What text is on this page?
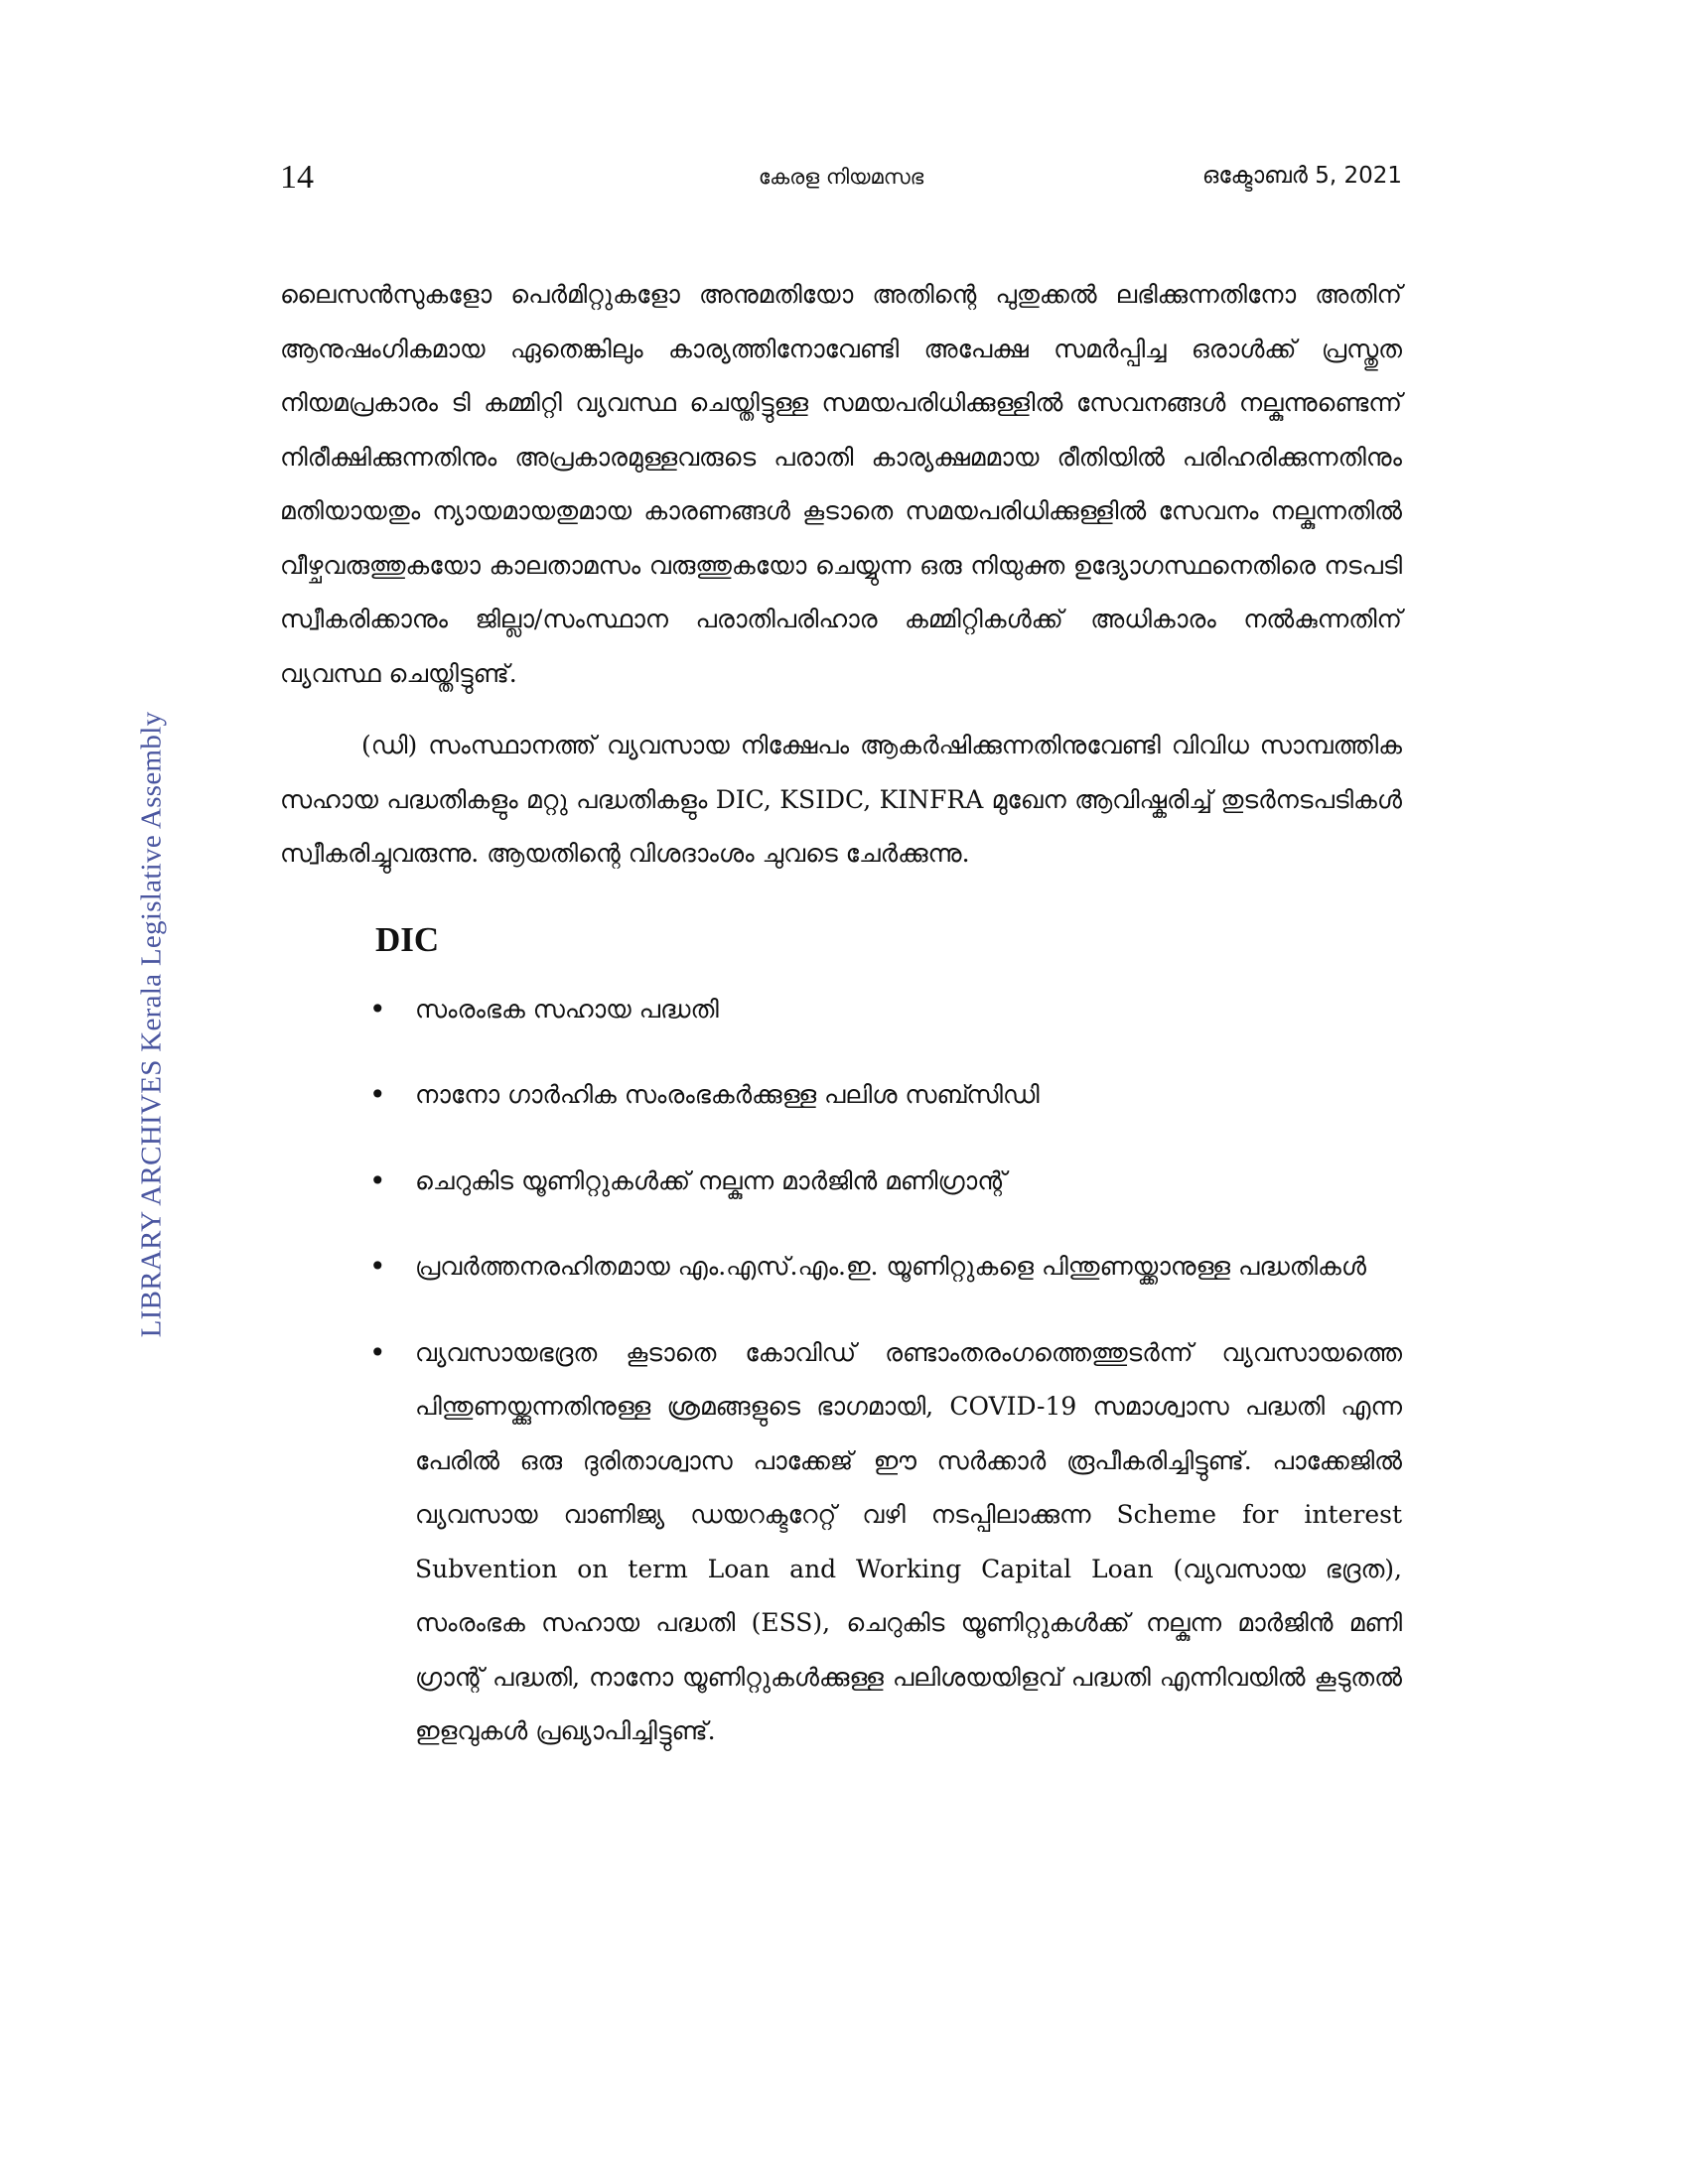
LIBRARY ARCHIVES Kerala Legislative Assembly
14	കേരള നിയമസഭ	ഒക്ടോബർ 5, 2021

ലൈസൻസുകളോ പെർമിറ്റുകളോ അനുമതിയോ അതിന്റെ പുതുക്കൽ ലഭിക്കുന്നതിനോ അതിന് ആനുഷംഗികമായ ഏതെങ്കിലും കാര്യത്തിനോവേണ്ടി അപേക്ഷ സമർപ്പിച്ച ഒരാൾക്ക് പ്രസ്തുത നിയമപ്രകാരം ടി കമ്മിറ്റി വ്യവസ്ഥ ചെയ്തിട്ടുള്ള സമയപരിധിക്കുള്ളിൽ സേവനങ്ങൾ നല്കുന്നുണ്ടെന്ന് നിരീക്ഷിക്കുന്നതിനും അപ്രകാരമുള്ളവരുടെ പരാതി കാര്യക്ഷമമായ രീതിയിൽ പരിഹരിക്കുന്നതിനും മതിയായതും ന്യായമായതുമായ കാരണങ്ങൾ കൂടാതെ സമയപരിധിക്കുള്ളിൽ സേവനം നല്കുന്നതിൽ വീഴ്ചവരുത്തുകയോ കാലതാമസം വരുത്തുകയോ ചെയ്യുന്ന ഒരു നിയുക്ത ഉദ്യോഗസ്ഥനെതിരെ നടപടി സ്വീകരിക്കാനും ജില്ലാ/സംസ്ഥാന പരാതിപരിഹാര കമ്മിറ്റികൾക്ക് അധികാരം നൽകുന്നതിന് വ്യവസ്ഥ ചെയ്തിട്ടുണ്ട്.

(ഡി) സംസ്ഥാനത്ത് വ്യവസായ നിക്ഷേപം ആകർഷിക്കുന്നതിനുവേണ്ടി വിവിധ സാമ്പത്തിക സഹായ പദ്ധതികളും മറ്റു പദ്ധതികളും DIC, KSIDC, KINFRA മുഖേന ആവിഷ്കരിച്ച് തുടർനടപടികൾ സ്വീകരിച്ചുവരുന്നു. ആയതിന്റെ വിശദാംശം ചുവടെ ചേർക്കുന്നു.

DIC
• സംരംഭക സഹായ പദ്ധതി
• നാനോ ഗാർഹിക സംരംഭകർക്കുള്ള പലിശ സബ്സിഡി
• ചെറുകിട യൂണിറ്റുകൾക്ക് നല്കുന്ന മാർജിൻ മണിഗ്രാന്റ്
• പ്രവർത്തനരഹിതമായ എം.എസ്.എം.ഇ. യൂണിറ്റുകളെ പിന്തുണയ്ക്കാനുള്ള പദ്ധതികൾ
• വ്യവസായഭദ്രത കൂടാതെ കോവിഡ് രണ്ടാംതരംഗത്തെത്തുടർന്ന് വ്യവസായത്തെ പിന്തുണയ്ക്കുന്നതിനുള്ള ശ്രമങ്ങളുടെ ഭാഗമായി, COVID-19 സമാശ്വാസ പദ്ധതി എന്ന പേരിൽ ഒരു ദുരിതാശ്വാസ പാക്കേജ് ഈ സർക്കാർ രൂപീകരിച്ചിട്ടുണ്ട്. പാക്കേജിൽ വ്യവസായ വാണിജ്യ ഡയറക്ടറേറ്റ് വഴി നടപ്പിലാക്കുന്ന Scheme for interest Subvention on term Loan and Working Capital Loan (വ്യവസായ ഭദ്രത), സംരംഭക സഹായ പദ്ധതി (ESS), ചെറുകിട യൂണിറ്റുകൾക്ക് നല്കുന്ന മാർജിൻ മണി ഗ്രാന്റ് പദ്ധതി, നാനോ യൂണിറ്റുകൾക്കുള്ള പലിശയയിളവ് പദ്ധതി എന്നിവയിൽ കൂടുതൽ ഇളവുകൾ പ്രഖ്യാപിച്ചിട്ടുണ്ട്.
